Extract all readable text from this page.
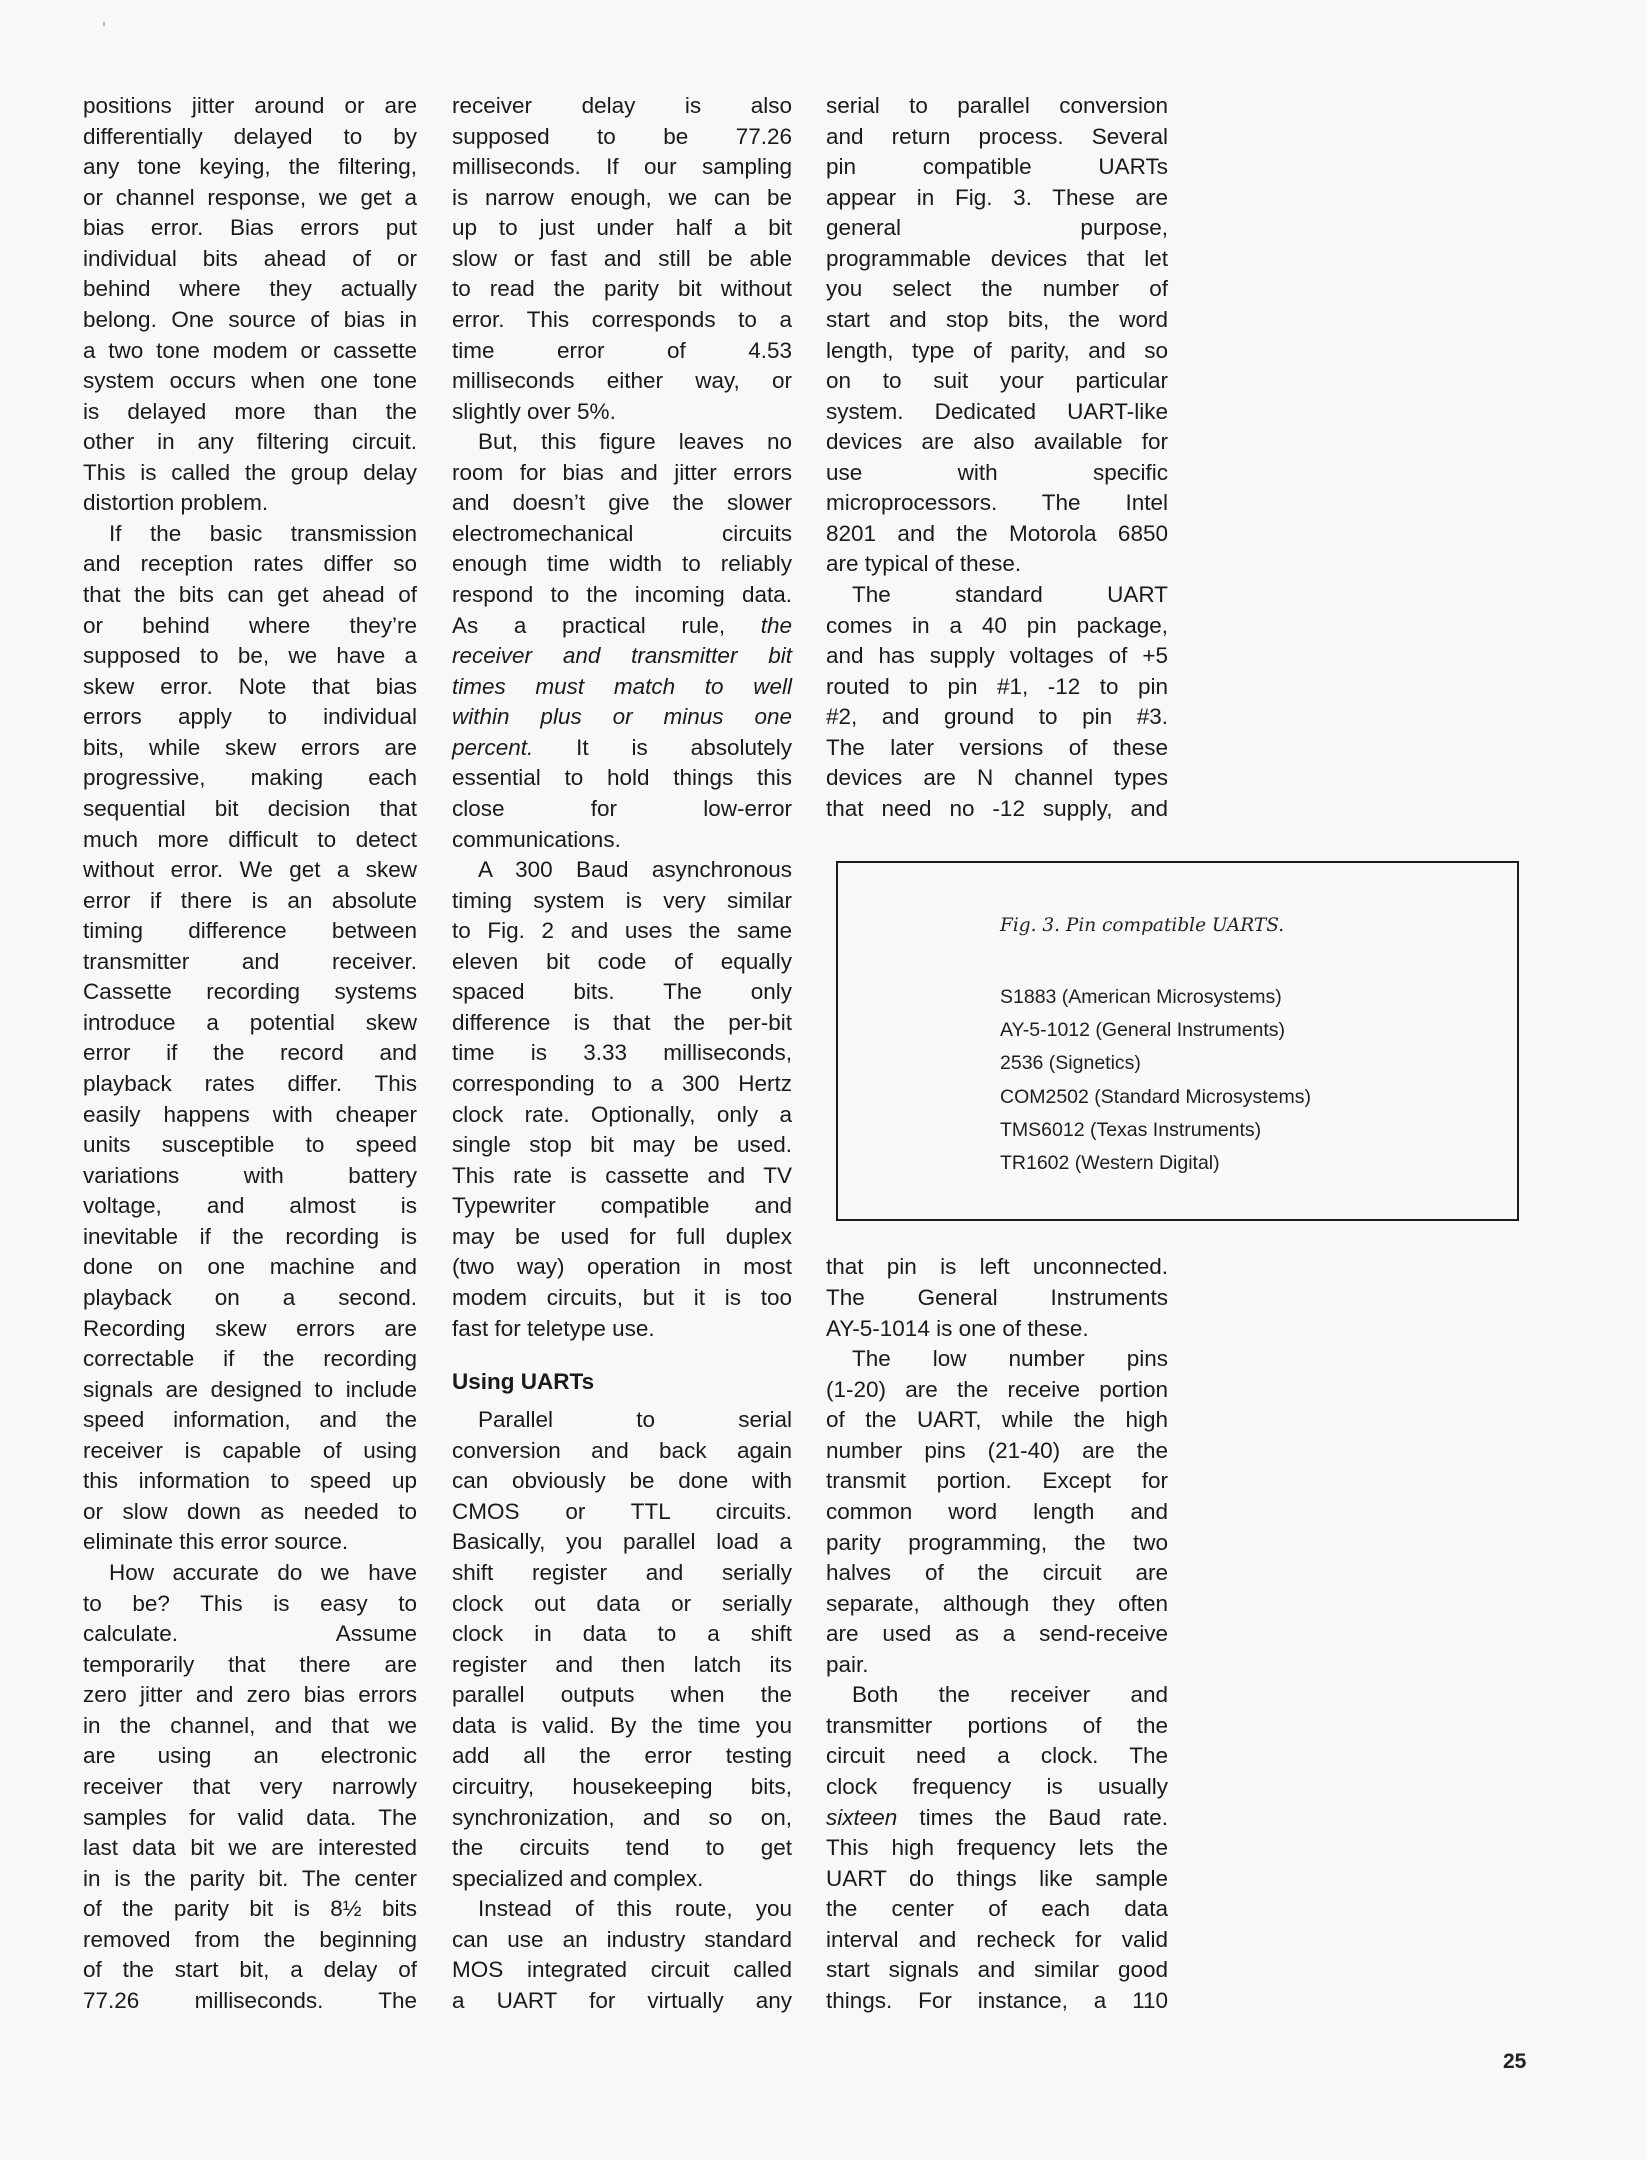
positions jitter around or are
differentially delayed to by
any tone keying, the filtering,
or channel response, we get a
bias error. Bias errors put
individual bits ahead of or
behind where they actually
belong. One source of bias in
a two tone modem or cassette
system occurs when one tone
is delayed more than the
other in any filtering circuit.
This is called the group delay
distortion problem.
If the basic transmission
and reception rates differ so
that the bits can get ahead of
or behind where they’re
supposed to be, we have a
skew error. Note that bias
errors apply to individual
bits, while skew errors are
progressive, making each
sequential bit decision that
much more difficult to detect
without error. We get a skew
error if there is an absolute
timing difference between
transmitter and receiver.
Cassette recording systems
introduce a potential skew
error if the record and
playback rates differ. This
easily happens with cheaper
units susceptible to speed
variations with battery
voltage, and almost is
inevitable if the recording is
done on one machine and
playback on a second.
Recording skew errors are
correctable if the recording
signals are designed to include
speed information, and the
receiver is capable of using
this information to speed up
or slow down as needed to
eliminate this error source.
How accurate do we have
to be? This is easy to
calculate. Assume
temporarily that there are
zero jitter and zero bias errors
in the channel, and that we
are using an electronic
receiver that very narrowly
samples for valid data. The
last data bit we are interested
in is the parity bit. The center
of the parity bit is 8½ bits
removed from the beginning
of the start bit, a delay of
77.26 milliseconds. The
receiver delay is also
supposed to be 77.26
milliseconds. If our sampling
is narrow enough, we can be
up to just under half a bit
slow or fast and still be able
to read the parity bit without
error. This corresponds to a
time error of 4.53
milliseconds either way, or
slightly over 5%.
But, this figure leaves no
room for bias and jitter errors
and doesn’t give the slower
electromechanical circuits
enough time width to reliably
respond to the incoming data.
As a practical rule, the
receiver and transmitter bit
times must match to well
within plus or minus one
percent. It is absolutely
essential to hold things this
close for low-error
communications.
A 300 Baud asynchronous
timing system is very similar
to Fig. 2 and uses the same
eleven bit code of equally
spaced bits. The only
difference is that the per-bit
time is 3.33 milliseconds,
corresponding to a 300 Hertz
clock rate. Optionally, only a
single stop bit may be used.
This rate is cassette and TV
Typewriter compatible and
may be used for full duplex
(two way) operation in most
modem circuits, but it is too
fast for teletype use.
Using UARTs
Parallel to serial
conversion and back again
can obviously be done with
CMOS or TTL circuits.
Basically, you parallel load a
shift register and serially
clock out data or serially
clock in data to a shift
register and then latch its
parallel outputs when the
data is valid. By the time you
add all the error testing
circuitry, housekeeping bits,
synchronization, and so on,
the circuits tend to get
specialized and complex.
Instead of this route, you
can use an industry standard
MOS integrated circuit called
a UART for virtually any
serial to parallel conversion
and return process. Several
pin compatible UARTs
appear in Fig. 3. These are
general purpose,
programmable devices that let
you select the number of
start and stop bits, the word
length, type of parity, and so
on to suit your particular
system. Dedicated UART-like
devices are also available for
use with specific
microprocessors. The Intel
8201 and the Motorola 6850
are typical of these.
The standard UART
comes in a 40 pin package,
and has supply voltages of +5
routed to pin #1, -12 to pin
#2, and ground to pin #3.
The later versions of these
devices are N channel types
that need no -12 supply, and
that pin is left unconnected.
The General Instruments
AY-5-1014 is one of these.
The low number pins
(1-20) are the receive portion
of the UART, while the high
number pins (21-40) are the
transmit portion. Except for
common word length and
parity programming, the two
halves of the circuit are
separate, although they often
are used as a send-receive
pair.
Both the receiver and
transmitter portions of the
circuit need a clock. The
clock frequency is usually
sixteen times the Baud rate.
This high frequency lets the
UART do things like sample
the center of each data
interval and recheck for valid
start signals and similar good
things. For instance, a 110
Fig. 3. Pin compatible UARTS.
S1883 (American Microsystems)
AY-5-1012 (General Instruments)
2536 (Signetics)
COM2502 (Standard Microsystems)
TMS6012 (Texas Instruments)
TR1602 (Western Digital)
25
